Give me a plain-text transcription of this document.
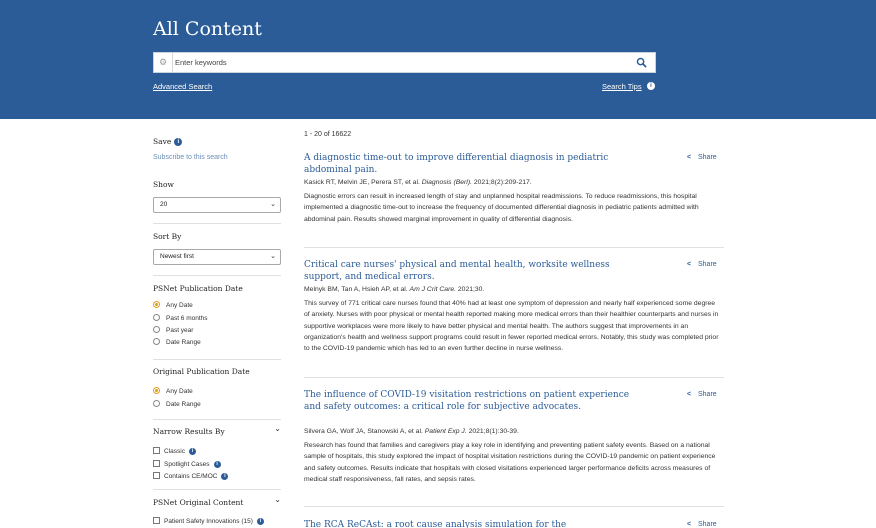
All Content
⚙
Enter keywords
Advanced Search	Search Tips	i
Save i
Subscribe to this search
Show
20	⌄
Sort By
Newest first	⌄
PSNet Publication Date
Any Date
Past 6 months
Past year
Date Range
Original Publication Date
Any Date
Date Range
Narrow Results By	⌄
Classic i
Spotlight Cases i
Contains CE/MOC i
PSNet Original Content	⌄
Patient Safety Innovations (15) i
1 - 20 of 16622
A diagnostic time-out to improve differential diagnosis in pediatric abdominal pain.
< Share
Kasick RT, Melvin JE, Perera ST, et al. Diagnosis (Berl). 2021;8(2):209-217.
Diagnostic errors can result in increased length of stay and unplanned hospital readmissions. To reduce readmissions, this hospital implemented a diagnostic time-out to increase the frequency of documented differential diagnosis in pediatric patients admitted with abdominal pain. Results showed marginal improvement in quality of differential diagnosis.
Critical care nurses' physical and mental health, worksite wellness support, and medical errors.
< Share
Melnyk BM, Tan A, Hsieh AP, et al. Am J Crit Care. 2021;30.
This survey of 771 critical care nurses found that 40% had at least one symptom of depression and nearly half experienced some degree of anxiety. Nurses with poor physical or mental health reported making more medical errors than their healthier counterparts and nurses in supportive workplaces were more likely to have better physical and mental health. The authors suggest that improvements in an organization's health and wellness support programs could result in fewer reported medical errors. Notably, this study was completed prior to the COVID-19 pandemic which has led to an even further decline in nurse wellness.
The influence of COVID-19 visitation restrictions on patient experience and safety outcomes: a critical role for subjective advocates.
< Share
Silvera GA, Wolf JA, Stanowski A, et al. Patient Exp J. 2021;8(1):30-39.
Research has found that families and caregivers play a key role in identifying and preventing patient safety events. Based on a national sample of hospitals, this study explored the impact of hospital visitation restrictions during the COVID-19 pandemic on patient experience and safety outcomes. Results indicate that hospitals with closed visitations experienced larger performance deficits across measures of medical staff responsiveness, fall rates, and sepsis rates.
The RCA ReCAst: a root cause analysis simulation for the	< Share
